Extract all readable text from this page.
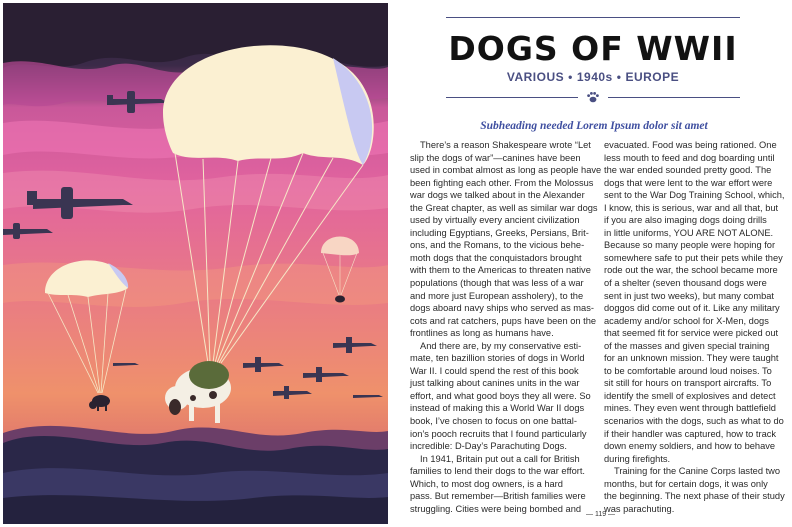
DOGS OF WWII
VARIOUS • 1940s • EUROPE
Subheading needed Lorem Ipsum dolor sit amet
There’s a reason Shakespeare wrote “Let
slip the dogs of war”—canines have been
used in combat almost as long as people have
been fighting each other. From the Molossus
war dogs we talked about in the Alexander
the Great chapter, as well as similar war dogs
used by virtually every ancient civilization
including Egyptians, Greeks, Persians, Brit-
ons, and the Romans, to the vicious behe-
moth dogs that the conquistadors brought
with them to the Americas to threaten native
populations (though that was less of a war
and more just European assholery), to the
dogs aboard navy ships who served as mas-
cots and rat catchers, pups have been on the
frontlines as long as humans have.
And there are, by my conservative esti-
mate, ten bazillion stories of dogs in World
War II. I could spend the rest of this book
just talking about canines units in the war
effort, and what good boys they all were. So
instead of making this a World War II dogs
book, I’ve chosen to focus on one battal-
ion’s pooch recruits that I found particularly
incredible: D-Day’s Parachuting Dogs.
In 1941, Britain put out a call for British
families to lend their dogs to the war effort.
Which, to most dog owners, is a hard
pass. But remember—British families were
struggling. Cities were being bombed and
evacuated. Food was being rationed. One
less mouth to feed and dog boarding until
the war ended sounded pretty good. The
dogs that were lent to the war effort were
sent to the War Dog Training School, which,
I know, this is serious, war and all that, but
if you are also imaging dogs doing drills
in little uniforms, YOU ARE NOT ALONE.
Because so many people were hoping for
somewhere safe to put their pets while they
rode out the war, the school became more
of a shelter (seven thousand dogs were
sent in just two weeks), but many combat
doggos did come out of it. Like any military
academy and/or school for X-Men, dogs
that seemed fit for service were picked out
of the masses and given special training
for an unknown mission. They were taught
to be comfortable around loud noises. To
sit still for hours on transport aircrafts. To
identify the smell of explosives and detect
mines. They even went through battlefield
scenarios with the dogs, such as what to do
if their handler was captured, how to track
down enemy soldiers, and how to behave
during firefights.
Training for the Canine Corps lasted two
months, but for certain dogs, it was only
the beginning. The next phase of their study
was parachuting.
— 119 —
